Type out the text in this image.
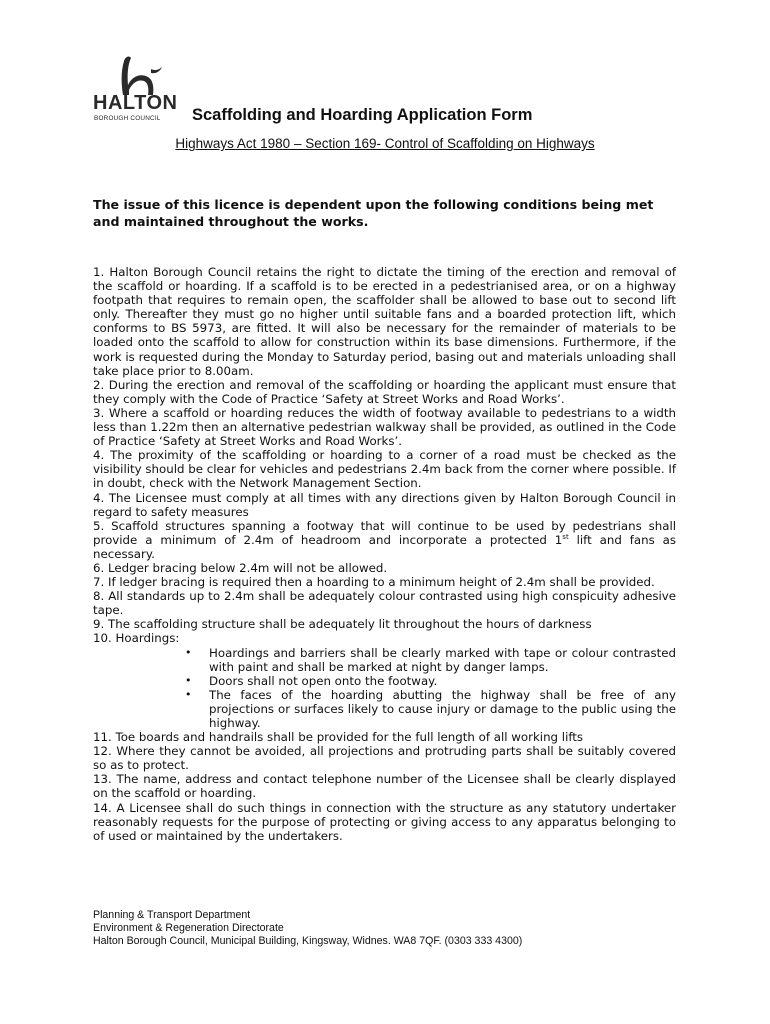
HALTON
BOROUGH COUNCIL Scaffolding and Hoarding Application Form
Highways Act 1980 – Section 169- Control of Scaffolding on Highways
The issue of this licence is dependent upon the following conditions being met and maintained throughout the works.

1. Halton Borough Council retains the right to dictate the timing of the erection and removal of the scaffold or hoarding. If a scaffold is to be erected in a pedestrianised area, or on a highway footpath that requires to remain open, the scaffolder shall be allowed to base out to second lift only. Thereafter they must go no higher until suitable fans and a boarded protection lift, which conforms to BS 5973, are fitted. It will also be necessary for the remainder of materials to be loaded onto the scaffold to allow for construction within its base dimensions. Furthermore, if the work is requested during the Monday to Saturday period, basing out and materials unloading shall take place prior to 8.00am.

2. During the erection and removal of the scaffolding or hoarding the applicant must ensure that they comply with the Code of Practice ‘Safety at Street Works and Road Works’.

3. Where a scaffold or hoarding reduces the width of footway available to pedestrians to a width less than 1.22m then an alternative pedestrian walkway shall be provided, as outlined in the Code of Practice ‘Safety at Street Works and Road Works’.

4. The proximity of the scaffolding or hoarding to a corner of a road must be checked as the visibility should be clear for vehicles and pedestrians 2.4m back from the corner where possible. If in doubt, check with the Network Management Section.

4. The Licensee must comply at all times with any directions given by Halton Borough Council in regard to safety measures

5. Scaffold structures spanning a footway that will continue to be used by pedestrians shall provide a minimum of 2.4m of headroom and incorporate a protected 1st lift and fans as necessary.

6. Ledger bracing below 2.4m will not be allowed.

7. If ledger bracing is required then a hoarding to a minimum height of 2.4m shall be provided.

8. All standards up to 2.4m shall be adequately colour contrasted using high conspicuity adhesive tape.

9. The scaffolding structure shall be adequately lit throughout the hours of darkness

10. Hoardings:

• Hoardings and barriers shall be clearly marked with tape or colour contrasted with paint and shall be marked at night by danger lamps.
• Doors shall not open onto the footway.
• The faces of the hoarding abutting the highway shall be free of any projections or surfaces likely to cause injury or damage to the public using the highway.

11. Toe boards and handrails shall be provided for the full length of all working lifts

12. Where they cannot be avoided, all projections and protruding parts shall be suitably covered so as to protect.

13. The name, address and contact telephone number of the Licensee shall be clearly displayed on the scaffold or hoarding.

14. A Licensee shall do such things in connection with the structure as any statutory undertaker reasonably requests for the purpose of protecting or giving access to any apparatus belonging to of used or maintained by the undertakers.

Planning & Transport Department
Environment & Regeneration Directorate
Halton Borough Council, Municipal Building, Kingsway, Widnes. WA8 7QF. (0303 333 4300)
